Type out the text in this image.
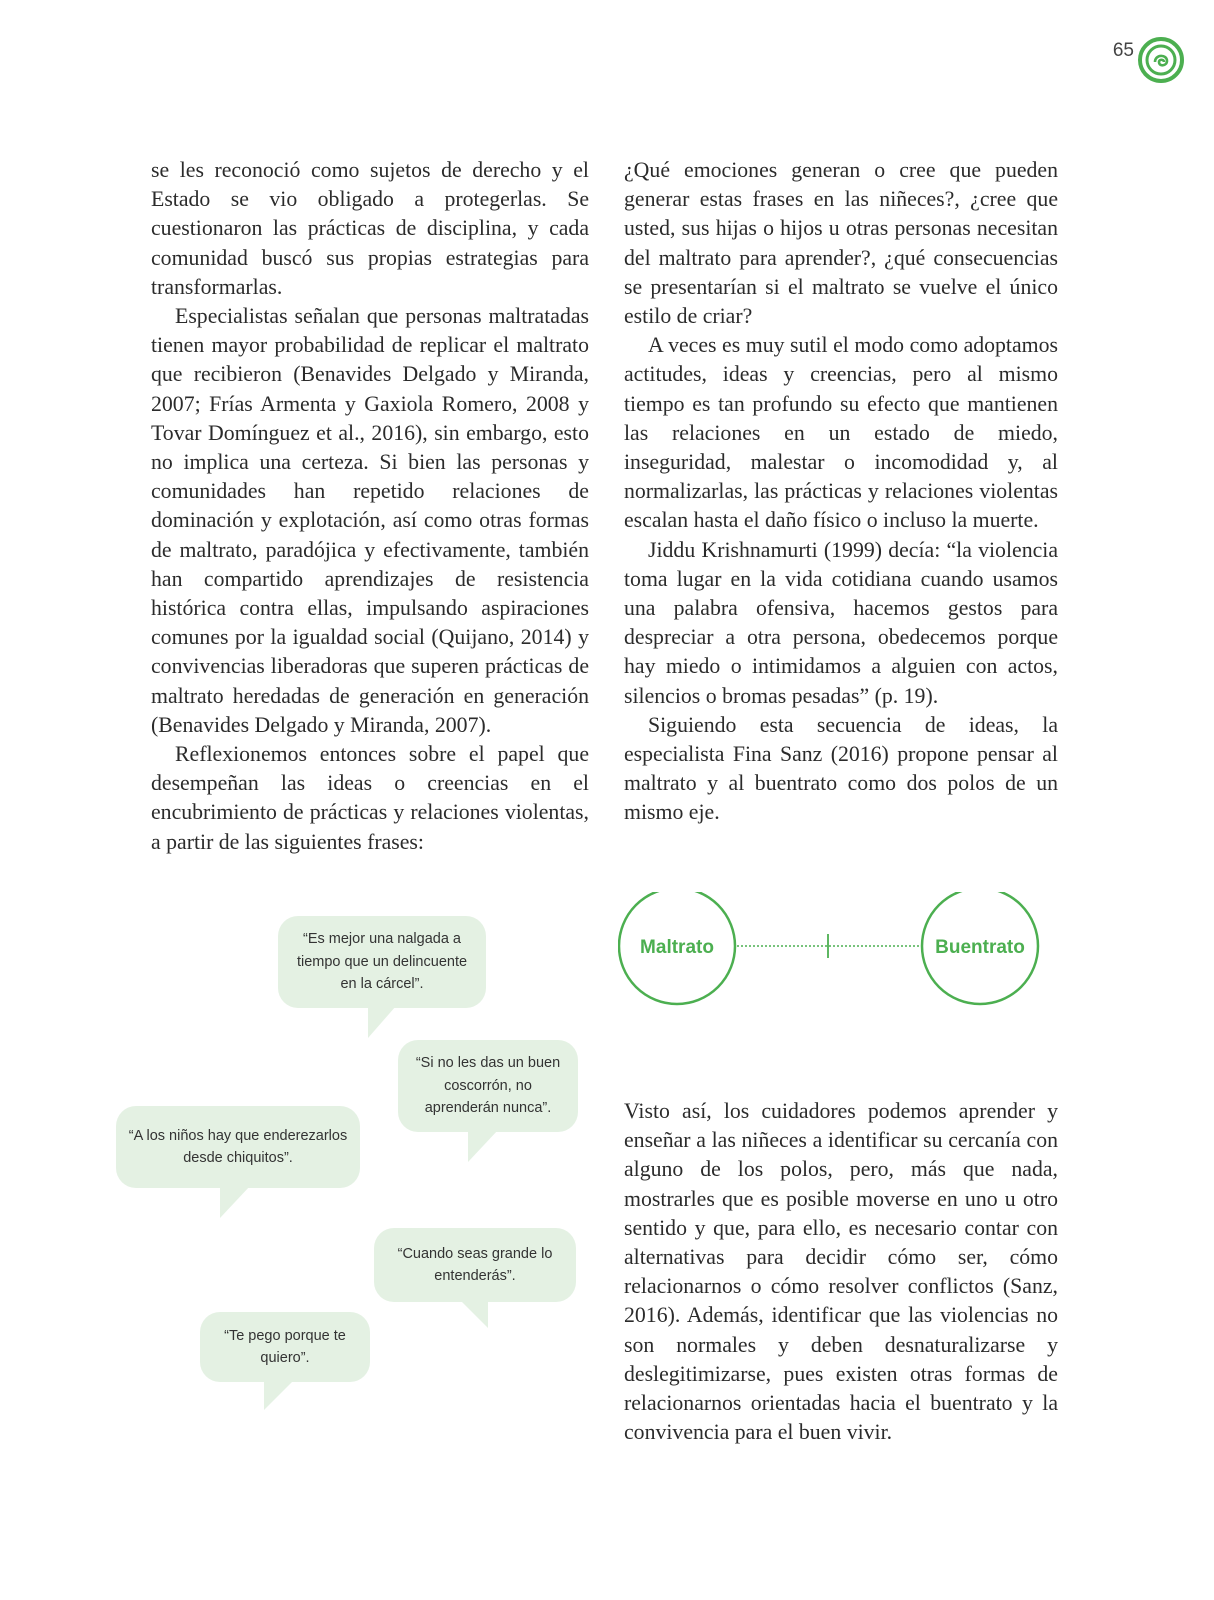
65

se les reconoció como sujetos de derecho y el Estado se vio obligado a protegerlas. Se cuestionaron las prácticas de disciplina, y cada comunidad buscó sus propias estrategias para transformarlas.

Especialistas señalan que personas maltratadas tienen mayor probabilidad de replicar el maltrato que recibieron (Benavides Delgado y Miranda, 2007; Frías Armenta y Gaxiola Romero, 2008 y Tovar Domínguez et al., 2016), sin embargo, esto no implica una certeza. Si bien las personas y comunidades han repetido relaciones de dominación y explotación, así como otras formas de maltrato, paradójica y efectivamente, también han compartido aprendizajes de resistencia histórica contra ellas, impulsando aspiraciones comunes por la igualdad social (Quijano, 2014) y convivencias liberadoras que superen prácticas de maltrato heredadas de generación en generación (Benavides Delgado y Miranda, 2007).

Reflexionemos entonces sobre el papel que desempeñan las ideas o creencias en el encubrimiento de prácticas y relaciones violentas, a partir de las siguientes frases:

¿Qué emociones generan o cree que pueden generar estas frases en las niñeces?, ¿cree que usted, sus hijas o hijos u otras personas necesitan del maltrato para aprender?, ¿qué consecuencias se presentarían si el maltrato se vuelve el único estilo de criar?

A veces es muy sutil el modo como adoptamos actitudes, ideas y creencias, pero al mismo tiempo es tan profundo su efecto que mantienen las relaciones en un estado de miedo, inseguridad, malestar o incomodidad y, al normalizarlas, las prácticas y relaciones violentas escalan hasta el daño físico o incluso la muerte.

Jiddu Krishnamurti (1999) decía: “la violencia toma lugar en la vida cotidiana cuando usamos una palabra ofensiva, hacemos gestos para despreciar a otra persona, obedecemos porque hay miedo o intimidamos a alguien con actos, silencios o bromas pesadas” (p. 19).

Siguiendo esta secuencia de ideas, la especialista Fina Sanz (2016) propone pensar al maltrato y al buentrato como dos polos de un mismo eje.

“Es mejor una nalgada a tiempo que un delincuente en la cárcel”.
“Si no les das un buen coscorrón, no aprenderán nunca”.
“A los niños hay que enderezarlos desde chiquitos”.
“Cuando seas grande lo entenderás”.
“Te pego porque te quiero”.
Maltrato	Buentrato

Visto así, los cuidadores podemos aprender y enseñar a las niñeces a identificar su cercanía con alguno de los polos, pero, más que nada, mostrarles que es posible moverse en uno u otro sentido y que, para ello, es necesario contar con alternativas para decidir cómo ser, cómo relacionarnos o cómo resolver conflictos (Sanz, 2016). Además, identificar que las violencias no son normales y deben desnaturalizarse y deslegitimizarse, pues existen otras formas de relacionarnos orientadas hacia el buentrato y la convivencia para el buen vivir.
